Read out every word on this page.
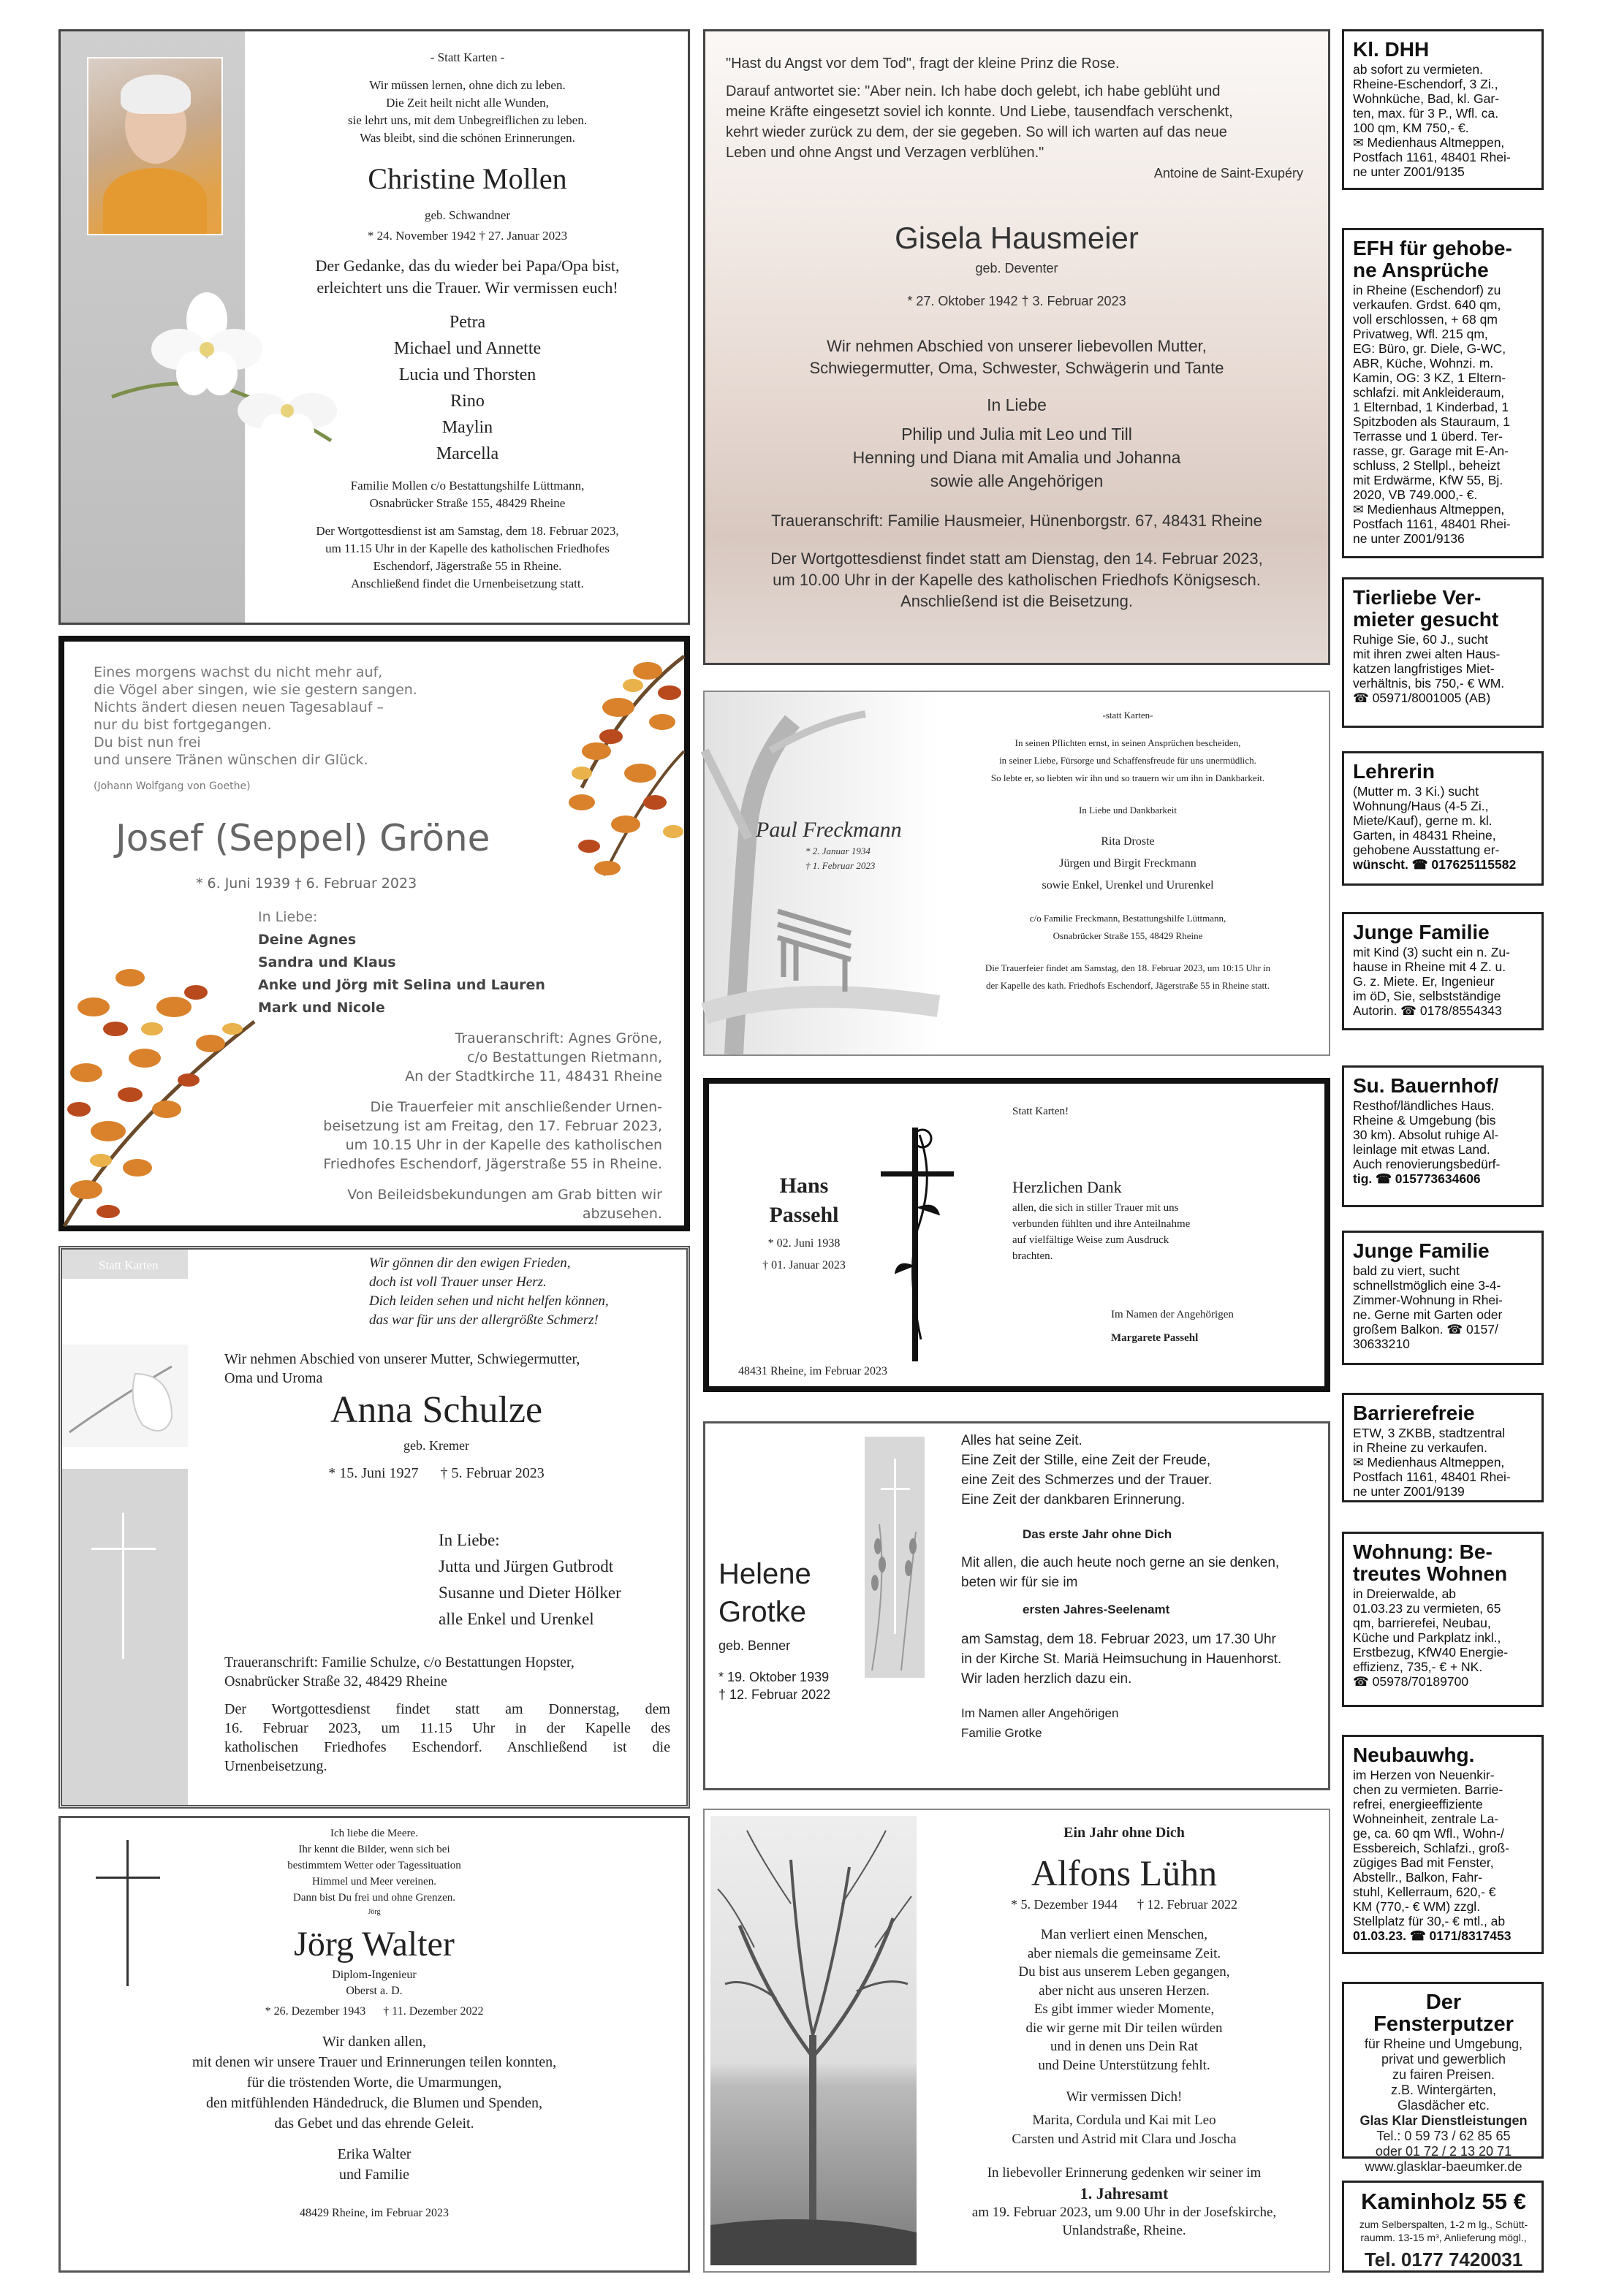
- Statt Karten -
Wir müssen lernen, ohne dich zu leben.
Die Zeit heilt nicht alle Wunden,
sie lehrt uns, mit dem Unbegreiflichen zu leben.
Was bleibt, sind die schönen Erinnerungen.
Christine Mollen
geb. Schwandner
* 24. November 1942 † 27. Januar 2023
Der Gedanke, das du wieder bei Papa/Opa bist,
erleichtert uns die Trauer. Wir vermissen euch!
Petra
Michael und Annette
Lucia und Thorsten
Rino
Maylin
Marcella
Familie Mollen c/o Bestattungshilfe Lüttmann,
Osnabrücker Straße 155, 48429 Rheine
Der Wortgottesdienst ist am Samstag, dem 18. Februar 2023,
um 11.15 Uhr in der Kapelle des katholischen Friedhofes
Eschendorf, Jägerstraße 55 in Rheine.
Anschließend findet die Urnenbeisetzung statt.
"Hast du Angst vor dem Tod", fragt der kleine Prinz die Rose.
Darauf antwortet sie: "Aber nein. Ich habe doch gelebt, ich habe geblüht und
meine Kräfte eingesetzt soviel ich konnte. Und Liebe, tausendfach verschenkt,
kehrt wieder zurück zu dem, der sie gegeben. So will ich warten auf das neue
Leben und ohne Angst und Verzagen verblühen."
Antoine de Saint-Exupéry
Gisela Hausmeier
geb. Deventer
* 27. Oktober 1942 † 3. Februar 2023
Wir nehmen Abschied von unserer liebevollen Mutter,
Schwiegermutter, Oma, Schwester, Schwägerin und Tante
In Liebe
Philip und Julia mit Leo und Till
Henning und Diana mit Amalia und Johanna
sowie alle Angehörigen
Traueranschrift: Familie Hausmeier, Hünenborgstr. 67, 48431 Rheine
Der Wortgottesdienst findet statt am Dienstag, den 14. Februar 2023,
um 10.00 Uhr in der Kapelle des katholischen Friedhofs Königsesch.
Anschließend ist die Beisetzung.
Eines morgens wachst du nicht mehr auf,
die Vögel aber singen, wie sie gestern sangen.
Nichts ändert diesen neuen Tagesablauf –
nur du bist fortgegangen.
Du bist nun frei
und unsere Tränen wünschen dir Glück.
(Johann Wolfgang von Goethe)
Josef (Seppel) Gröne
* 6. Juni 1939 † 6. Februar 2023
In Liebe:
Deine Agnes
Sandra und Klaus
Anke und Jörg mit Selina und Lauren
Mark und Nicole
Traueranschrift: Agnes Gröne,
c/o Bestattungen Rietmann,
An der Stadtkirche 11, 48431 Rheine
Die Trauerfeier mit anschließender Urnen-
beisetzung ist am Freitag, den 17. Februar 2023,
um 10.15 Uhr in der Kapelle des katholischen
Friedhofes Eschendorf, Jägerstraße 55 in Rheine.
Von Beileidsbekundungen am Grab bitten wir
abzusehen.
Paul Freckmann
* 2. Januar 1934
† 1. Februar 2023
-statt Karten-
In seinen Pflichten ernst, in seinen Ansprüchen bescheiden,
in seiner Liebe, Fürsorge und Schaffensfreude für uns unermüdlich.
So lebte er, so liebten wir ihn und so trauern wir um ihn in Dankbarkeit.
In Liebe und Dankbarkeit
Rita Droste
Jürgen und Birgit Freckmann
sowie Enkel, Urenkel und Ururenkel
c/o Familie Freckmann, Bestattungshilfe Lüttmann,
Osnabrücker Straße 155, 48429 Rheine
Die Trauerfeier findet am Samstag, den 18. Februar 2023, um 10:15 Uhr in
der Kapelle des kath. Friedhofs Eschendorf, Jägerstraße 55 in Rheine statt.
Hans
Passehl
* 02. Juni 1938
† 01. Januar 2023
48431 Rheine, im Februar 2023
Statt Karten!
Herzlichen Dank
allen, die sich in stiller Trauer mit uns
verbunden fühlten und ihre Anteilnahme
auf vielfältige Weise zum Ausdruck
brachten.
Im Namen der Angehörigen
Margarete Passehl
Statt Karten	Wir gönnen dir den ewigen Frieden,
doch ist voll Trauer unser Herz.
Dich leiden sehen und nicht helfen können,
das war für uns der allergrößte Schmerz!
Wir nehmen Abschied von unserer Mutter, Schwiegermutter,
Oma und Uroma
Anna Schulze
geb. Kremer
* 15. Juni 1927      † 5. Februar 2023
In Liebe:
Jutta und Jürgen Gutbrodt
Susanne und Dieter Hölker
alle Enkel und Urenkel
Traueranschrift: Familie Schulze, c/o Bestattungen Hopster,
Osnabrücker Straße 32, 48429 Rheine
Der Wortgottesdienst findet statt am Donnerstag, dem
16. Februar 2023, um 11.15 Uhr in der Kapelle des
katholischen Friedhofes Eschendorf. Anschließend ist die
Urnenbeisetzung.
Helene
Grotke
geb. Benner
* 19. Oktober 1939
† 12. Februar 2022
Alles hat seine Zeit.
Eine Zeit der Stille, eine Zeit der Freude,
eine Zeit des Schmerzes und der Trauer.
Eine Zeit der dankbaren Erinnerung.
Das erste Jahr ohne Dich
Mit allen, die auch heute noch gerne an sie denken,
beten wir für sie im
ersten Jahres-Seelenamt
am Samstag, dem 18. Februar 2023, um 17.30 Uhr
in der Kirche St. Mariä Heimsuchung in Hauenhorst.
Wir laden herzlich dazu ein.
Im Namen aller Angehörigen
Familie Grotke
Ich liebe die Meere.
Ihr kennt die Bilder, wenn sich bei
bestimmtem Wetter oder Tagessituation
Himmel und Meer vereinen.
Dann bist Du frei und ohne Grenzen.
Jörg
Jörg Walter
Diplom-Ingenieur
Oberst a. D.
* 26. Dezember 1943      † 11. Dezember 2022
Wir danken allen,
mit denen wir unsere Trauer und Erinnerungen teilen konnten,
für die tröstenden Worte, die Umarmungen,
den mitfühlenden Händedruck, die Blumen und Spenden,
das Gebet und das ehrende Geleit.
Erika Walter
und Familie
48429 Rheine, im Februar 2023
Ein Jahr ohne Dich
Alfons Lühn
* 5. Dezember 1944      † 12. Februar 2022
Man verliert einen Menschen,
aber niemals die gemeinsame Zeit.
Du bist aus unserem Leben gegangen,
aber nicht aus unseren Herzen.
Es gibt immer wieder Momente,
die wir gerne mit Dir teilen würden
und in denen uns Dein Rat
und Deine Unterstützung fehlt.
Wir vermissen Dich!
Marita, Cordula und Kai mit Leo
Carsten und Astrid mit Clara und Joscha
In liebevoller Erinnerung gedenken wir seiner im
1. Jahresamt
am 19. Februar 2023, um 9.00 Uhr in der Josefskirche,
Unlandstraße, Rheine.
Kl. DHH
ab sofort zu vermieten.
Rheine-Eschendorf, 3 Zi.,
Wohnküche, Bad, kl. Gar-
ten, max. für 3 P., Wfl. ca.
100 qm, KM 750,- €.
✉ Medienhaus Altmeppen,
Postfach 1161, 48401 Rhei-
ne unter Z001/9135
EFH für gehobe-ne Ansprüche
in Rheine (Eschendorf) zu
verkaufen. Grdst. 640 qm,
voll erschlossen, + 68 qm
Privatweg, Wfl. 215 qm,
EG: Büro, gr. Diele, G-WC,
ABR, Küche, Wohnzi. m.
Kamin, OG: 3 KZ, 1 Eltern-
schlafzi. mit Ankleideraum,
1 Elternbad, 1 Kinderbad, 1
Spitzboden als Stauraum, 1
Terrasse und 1 überd. Ter-
rasse, gr. Garage mit E-An-
schluss, 2 Stellpl., beheizt
mit Erdwärme, KfW 55, Bj.
2020, VB 749.000,- €.
✉ Medienhaus Altmeppen,
Postfach 1161, 48401 Rhei-
ne unter Z001/9136
Tierliebe Ver-mieter gesucht
Ruhige Sie, 60 J., sucht
mit ihren zwei alten Haus-
katzen langfristiges Miet-
verhältnis, bis 750,- € WM.
☎ 05971/8001005 (AB)
Lehrerin
(Mutter m. 3 Ki.) sucht
Wohnung/Haus (4-5 Zi.,
Miete/Kauf), gerne m. kl.
Garten, in 48431 Rheine,
gehobene Ausstattung er-
wünscht. ☎ 017625115582
Junge Familie
mit Kind (3) sucht ein n. Zu-
hause in Rheine mit 4 Z. u.
G. z. Miete. Er, Ingenieur
im öD, Sie, selbstständige
Autorin. ☎ 0178/8554343
Su. Bauernhof/
Resthof/ländliches Haus.
Rheine & Umgebung (bis
30 km). Absolut ruhige Al-
leinlage mit etwas Land.
Auch renovierungsbedürf-
tig. ☎ 015773634606
Junge Familie
bald zu viert, sucht
schnellstmöglich eine 3-4-
Zimmer-Wohnung in Rhei-
ne. Gerne mit Garten oder
großem Balkon. ☎ 0157/
30633210
Barrierefreie
ETW, 3 ZKBB, stadtzentral
in Rheine zu verkaufen.
✉ Medienhaus Altmeppen,
Postfach 1161, 48401 Rhei-
ne unter Z001/9139
Wohnung: Be-treutes Wohnen
in Dreierwalde, ab
01.03.23 zu vermieten, 65
qm, barrierefei, Neubau,
Küche und Parkplatz inkl.,
Erstbezug, KfW40 Energie-
effizienz, 735,- € + NK.
☎ 05978/70189700
Neubauwhg.
im Herzen von Neuenkir-
chen zu vermieten. Barrie-
refrei, energieeffiziente
Wohneinheit, zentrale La-
ge, ca. 60 qm Wfl., Wohn-/
Essbereich, Schlafzi., groß-
zügiges Bad mit Fenster,
Abstellr., Balkon, Fahr-
stuhl, Kellerraum, 620,- €
KM (770,- € WM) zzgl.
Stellplatz für 30,- € mtl., ab
01.03.23. ☎ 0171/8317453
Der Fensterputzer
für Rheine und Umgebung,
privat und gewerblich
zu fairen Preisen.
z.B. Wintergärten,
Glasdächer etc.
Glas Klar Dienstleistungen
Tel.: 0 59 73 / 62 85 65
oder 01 72 / 2 13 20 71
www.glasklar-baeumker.de
Kaminholz 55 €
zum Selberspalten, 1-2 m lg., Schütt-
raumm. 13-15 m³, Anlieferung mögl.,
Tel. 0177 7420031
